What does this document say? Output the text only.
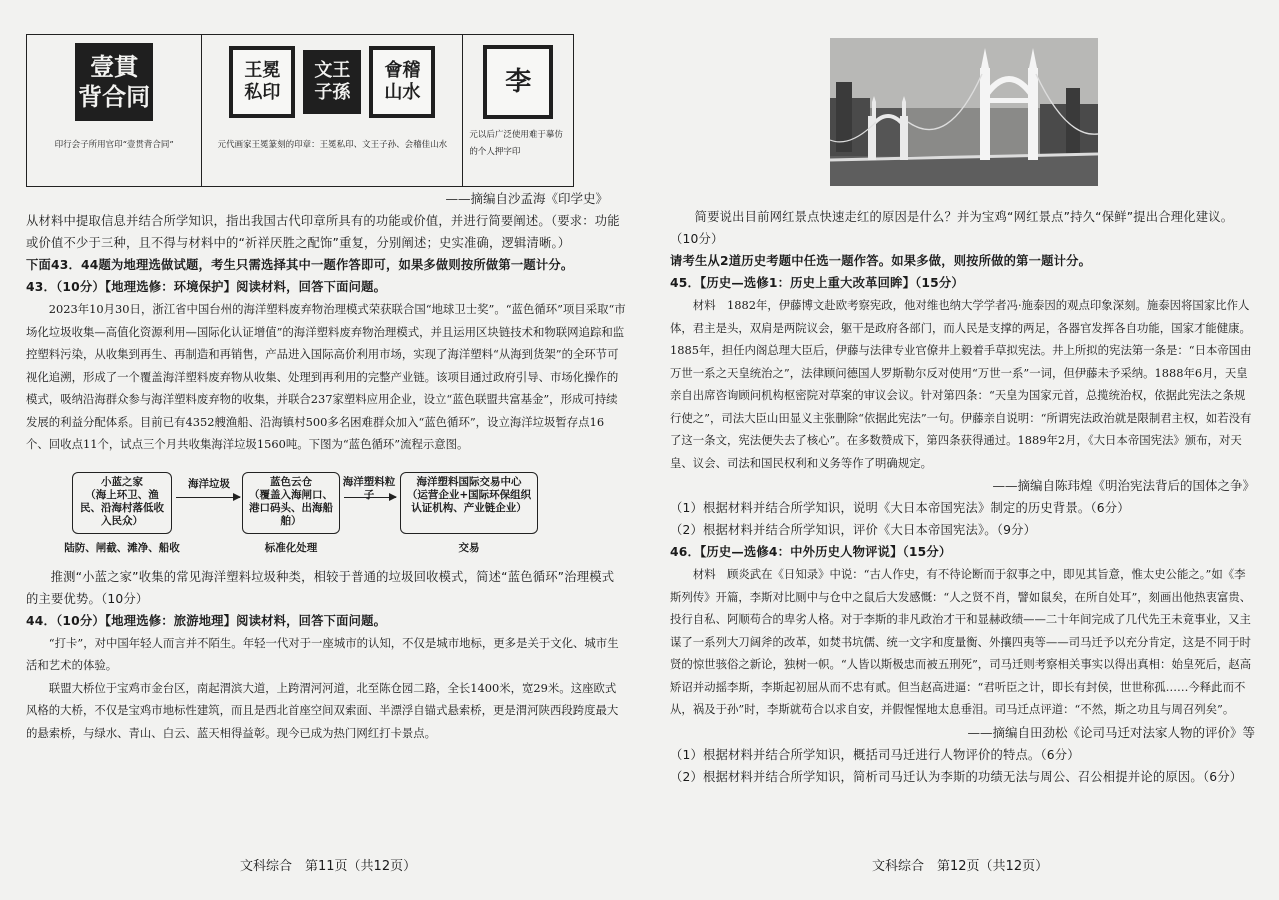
壹貫
背合同
印行会子所用官印“壹贯背合同”
王冕
私印
文王
子孫
會稽
山水
元代画家王冕篆刻的印章：王冕私印、文王子孙、会稽佳山水
李
元以后广泛使用难于摹仿的个人押字印
——摘编自沙孟海《印学史》

从材料中提取信息并结合所学知识，指出我国古代印章所具有的功能或价值，并进行简要阐述。（要求：功能或价值不少于三种，且不得与材料中的“祈祥厌胜之配饰”重复，分别阐述；史实准确，逻辑清晰。）

下面43．44题为地理选做试题，考生只需选择其中一题作答即可，如果多做则按所做第一题计分。

43．（10分）【地理选修：环境保护】阅读材料，回答下面问题。

2023年10月30日，浙江省中国台州的海洋塑料废弃物治理模式荣获联合国“地球卫士奖”。“蓝色循环”项目采取“市场化垃圾收集—高值化资源利用—国际化认证增值”的海洋塑料废弃物治理模式，并且运用区块链技术和物联网追踪和监控塑料污染，从收集到再生、再制造和再销售，产品进入国际高价利用市场，实现了海洋塑料“从海到货架”的全环节可视化追溯，形成了一个覆盖海洋塑料废弃物从收集、处理到再利用的完整产业链。该项目通过政府引导、市场化操作的模式，吸纳沿海群众参与海洋塑料废弃物的收集，并联合237家塑料应用企业，设立“蓝色联盟共富基金”，形成可持续发展的利益分配体系。目前已有4352艘渔船、沿海镇村500多名困难群众加入“蓝色循环”，设立海洋垃圾暂存点16个、回收点11个，试点三个月共收集海洋垃圾1560吨。下图为“蓝色循环”流程示意图。

小蓝之家
（海上环卫、渔民、沿海村落低收入民众）
海洋垃圾	蓝色云仓
（覆盖入海闸口、港口码头、出海船舶）
海洋塑料粒子
海洋塑料国际交易中心
（运营企业+国际环保组织认证机构、产业链企业）
陆防、闸截、滩净、船收	标准化处理	交易

推测“小蓝之家”收集的常见海洋塑料垃圾种类，相较于普通的垃圾回收模式，简述“蓝色循环”治理模式的主要优势。（10分）

44．（10分）【地理选修：旅游地理】阅读材料，回答下面问题。

“打卡”，对中国年轻人而言并不陌生。年轻一代对于一座城市的认知，不仅是城市地标，更多是关于文化、城市生活和艺术的体验。

联盟大桥位于宝鸡市金台区，南起渭滨大道，上跨渭河河道，北至陈仓园二路，全长1400米，宽29米。这座欧式风格的大桥，不仅是宝鸡市地标性建筑，而且是西北首座空间双索面、半漂浮自锚式悬索桥，更是渭河陕西段跨度最大的悬索桥，与绿水、青山、白云、蓝天相得益彰。现今已成为热门网红打卡景点。

文科综合　第11页（共12页）

简要说出目前网红景点快速走红的原因是什么？并为宝鸡“网红景点”持久“保鲜”提出合理化建议。（10分）

请考生从2道历史考题中任选一题作答。如果多做，则按所做的第一题计分。

45．【历史—选修1：历史上重大改革回眸】（15分）

材料　1882年，伊藤博文赴欧考察宪政，他对维也纳大学学者冯·施泰因的观点印象深刻。施泰因将国家比作人体，君主是头，双肩是两院议会，躯干是政府各部门，而人民是支撑的两足，各器官发挥各自功能，国家才能健康。1885年，担任内阁总理大臣后，伊藤与法律专业官僚井上毅着手草拟宪法。井上所拟的宪法第一条是：“日本帝国由万世一系之天皇统治之”，法律顾问德国人罗斯勒尔反对使用“万世一系”一词，但伊藤未予采纳。1888年6月，天皇亲自出席咨询顾问机构枢密院对草案的审议会议。针对第四条：“天皇为国家元首，总揽统治权，依据此宪法之条规行使之”，司法大臣山田显义主张删除“依据此宪法”一句。伊藤亲自说明：“所谓宪法政治就是限制君主权，如若没有了这一条文，宪法便失去了核心”。在多数赞成下，第四条获得通过。1889年2月，《大日本帝国宪法》颁布，对天皇、议会、司法和国民权利和义务等作了明确规定。

——摘编自陈玮煌《明治宪法背后的国体之争》

（1）根据材料并结合所学知识，说明《大日本帝国宪法》制定的历史背景。（6分）

（2）根据材料并结合所学知识，评价《大日本帝国宪法》。（9分）

46．【历史—选修4：中外历史人物评说】（15分）

材料　顾炎武在《日知录》中说：“古人作史，有不待论断而于叙事之中，即见其旨意，惟太史公能之。”如《李斯列传》开篇，李斯对比厕中与仓中之鼠后大发感慨：“人之贤不肖，譬如鼠矣，在所自处耳”，刻画出他热衷富贵、投行自私、阿顺苟合的卑劣人格。对于李斯的非凡政治才干和显赫政绩——二十年间完成了几代先王未竟事业，又主谋了一系列大刀阔斧的改革，如焚书坑儒、统一文字和度量衡、外攘四夷等——司马迁予以充分肯定，这是不同于时贤的惊世骇俗之新论，独树一帜。“人皆以斯极忠而被五刑死”，司马迁则考察相关事实以得出真相：始皇死后，赵高矫诏并动摇李斯，李斯起初屈从而不忠有贰。但当赵高进逼：“君听臣之计，即长有封侯，世世称孤……今释此而不从，祸及于孙”时，李斯就苟合以求自安，并假惺惺地太息垂泪。司马迁点评道：“不然，斯之功且与周召列矣”。

——摘编自田劲松《论司马迁对法家人物的评价》等

（1）根据材料并结合所学知识，概括司马迁进行人物评价的特点。（6分）

（2）根据材料并结合所学知识，简析司马迁认为李斯的功绩无法与周公、召公相提并论的原因。（6分）

文科综合　第12页（共12页）
